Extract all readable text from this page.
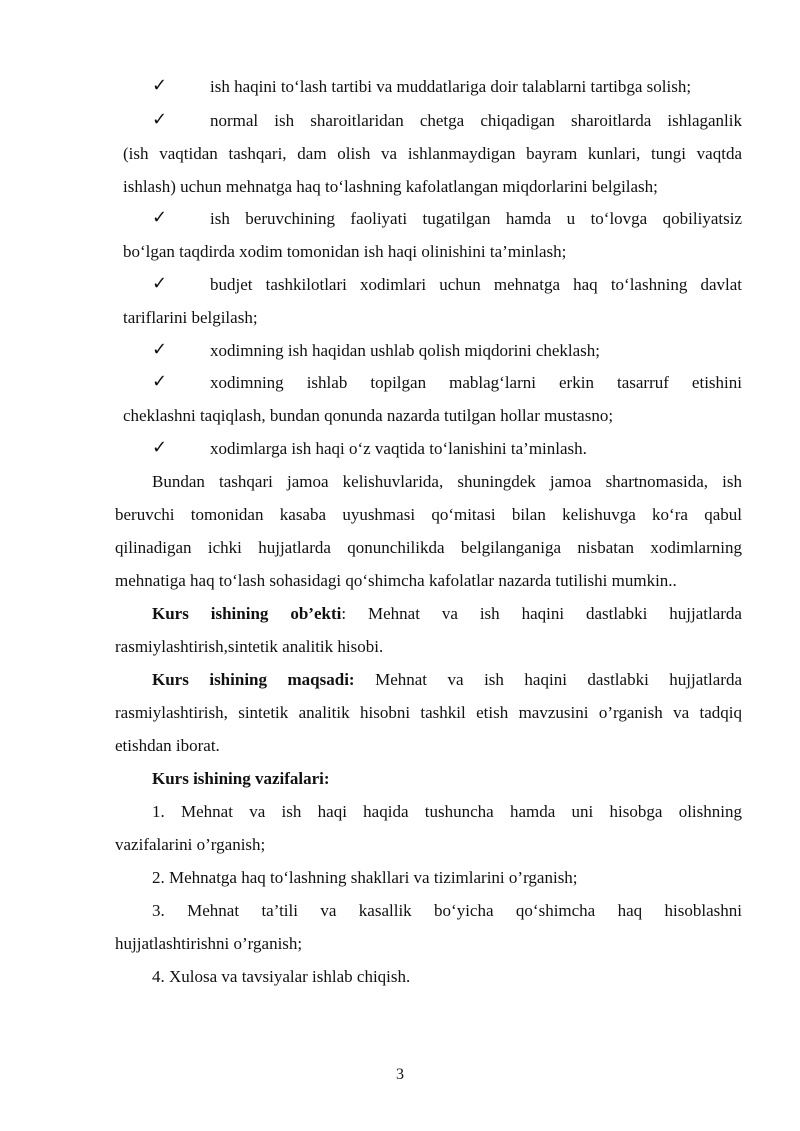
✓	ish haqini to‘lash tartibi va muddatlariga doir talablarni tartibga solish;
✓	normal ish sharoitlaridan chetga chiqadigan sharoitlarda ishlaganlik
(ish vaqtidan tashqari, dam olish va ishlanmaydigan bayram kunlari, tungi vaqtda
ishlash) uchun mehnatga haq to‘lashning kafolatlangan miqdorlarini belgilash;
✓	ish beruvchining faoliyati tugatilgan hamda u to‘lovga qobiliyatsiz
bo‘lgan taqdirda xodim tomonidan ish haqi olinishini ta’minlash;
✓	budjet tashkilotlari xodimlari uchun mehnatga haq to‘lashning davlat
tariflarini belgilash;
✓	xodimning ish haqidan ushlab qolish miqdorini cheklash;
✓	xodimning ishlab topilgan mablag‘larni erkin tasarruf etishini
cheklashni taqiqlash, bundan qonunda nazarda tutilgan hollar mustasno;
✓	xodimlarga ish haqi o‘z vaqtida to‘lanishini ta’minlash.
Bundan tashqari jamoa kelishuvlarida, shuningdek jamoa shartnomasida, ish
beruvchi tomonidan kasaba uyushmasi qo‘mitasi bilan kelishuvga ko‘ra qabul
qilinadigan ichki hujjatlarda qonunchilikda belgilanganiga nisbatan xodimlarning
mehnatiga haq to‘lash sohasidagi qo‘shimcha kafolatlar nazarda tutilishi mumkin..
Kurs ishining ob’ekti: Mehnat va ish haqini dastlabki hujjatlarda
rasmiylashtirish,sintetik analitik hisobi.
Kurs ishining maqsadi: Mehnat va ish haqini dastlabki hujjatlarda
rasmiylashtirish, sintetik analitik hisobni tashkil etish mavzusini o’rganish va tadqiq
etishdan iborat.
Kurs ishining vazifalari:
1. Mehnat va ish haqi haqida tushuncha hamda uni hisobga olishning
vazifalarini o’rganish;
2. Mehnatga haq to‘lashning shakllari va tizimlarini o’rganish;
3. Mehnat ta’tili va kasallik bo‘yicha qo‘shimcha haq hisoblashni
hujjatlashtirishni o’rganish;
4. Xulosa va tavsiyalar ishlab chiqish.
3
